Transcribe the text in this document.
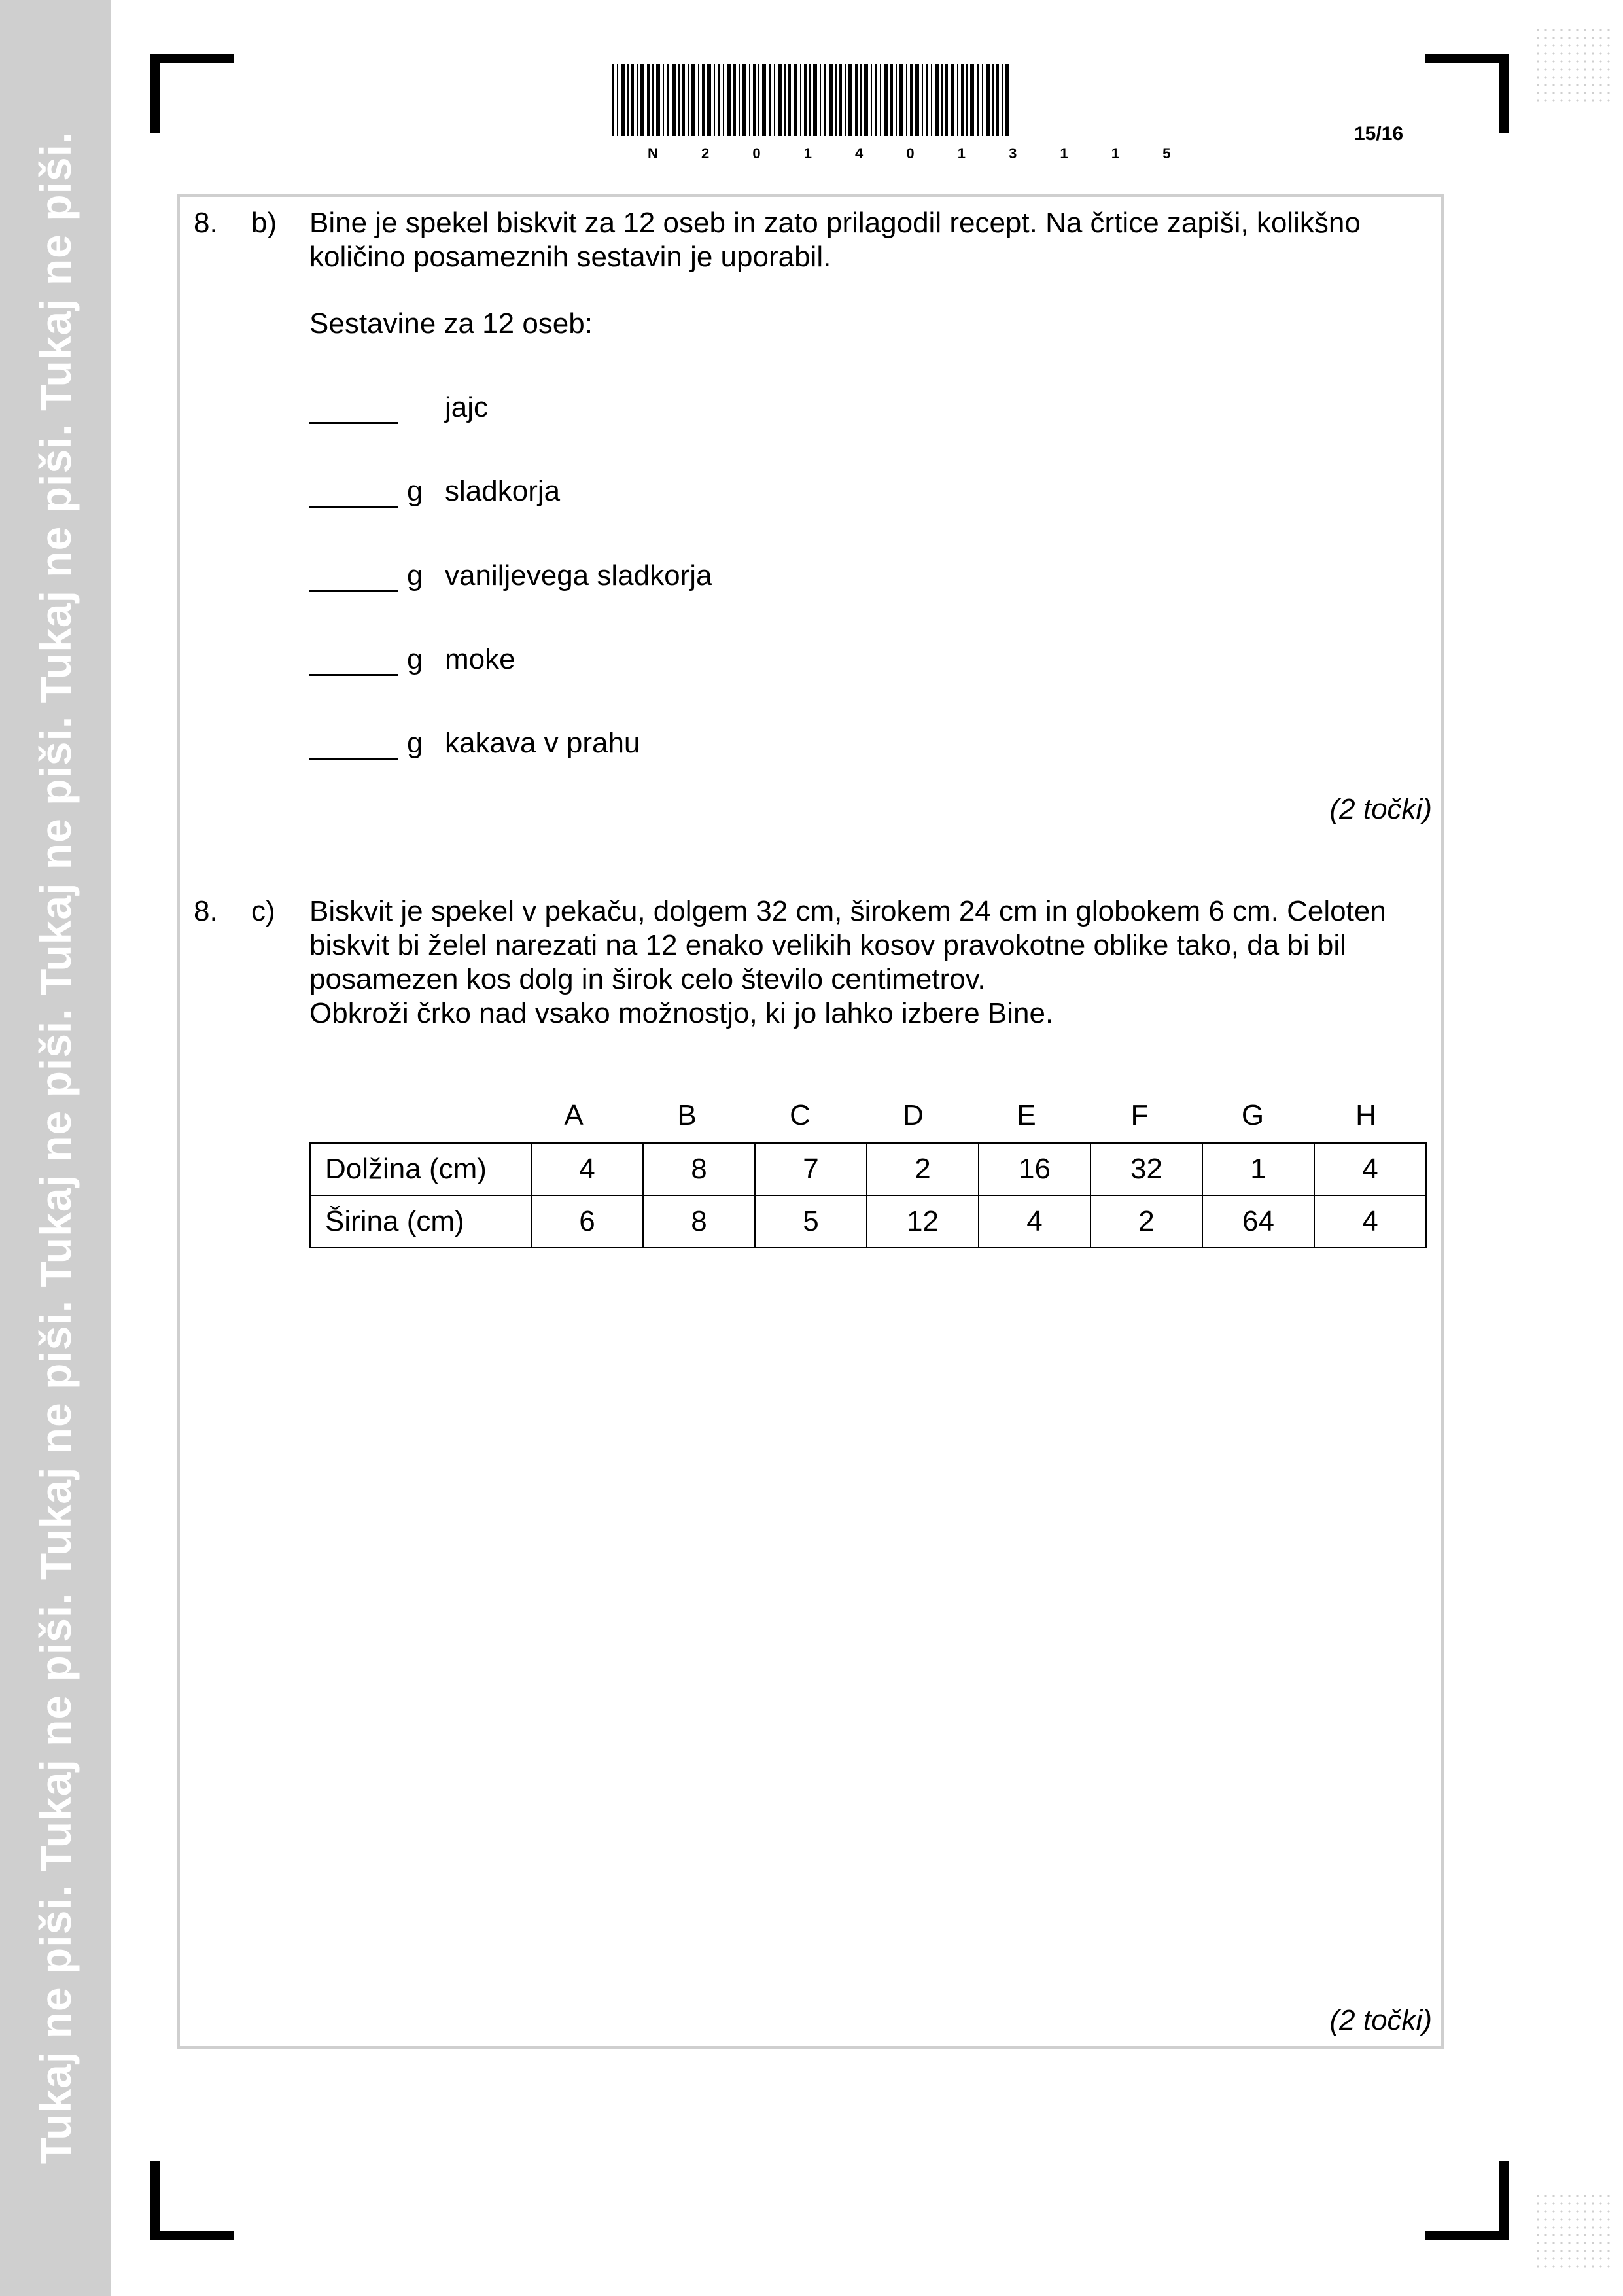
Tukaj ne piši. Tukaj ne piši. Tukaj ne piši. Tukaj ne piši. Tukaj ne piši. Tukaj ne piši. Tukaj ne piši.	N 2 0 1 4 0 1 3 1 1 5
15/16
8. b) Bine je spekel biskvit za 12 oseb in zato prilagodil recept. Na črtice zapiši, kolikšno
količino posameznih sestavin je uporabil.
Sestavine za 12 oseb:
jajc
g sladkorja
g vaniljevega sladkorja
g moke
g kakava v prahu
(2 točki)
8. c) Biskvit je spekel v pekaču, dolgem 32 cm, širokem 24 cm in globokem 6 cm. Celoten
biskvit bi želel narezati na 12 enako velikih kosov pravokotne oblike tako, da bi bil
posamezen kos dolg in širok celo število centimetrov.
Obkroži črko nad vsako možnostjo, ki jo lahko izbere Bine.
A	B	C	D	E	F	G	H
Dolžina (cm)	4	8	7	2	16	32	1	4
Širina (cm)	6	8	5	12	4	2	64	4
(2 točki)
